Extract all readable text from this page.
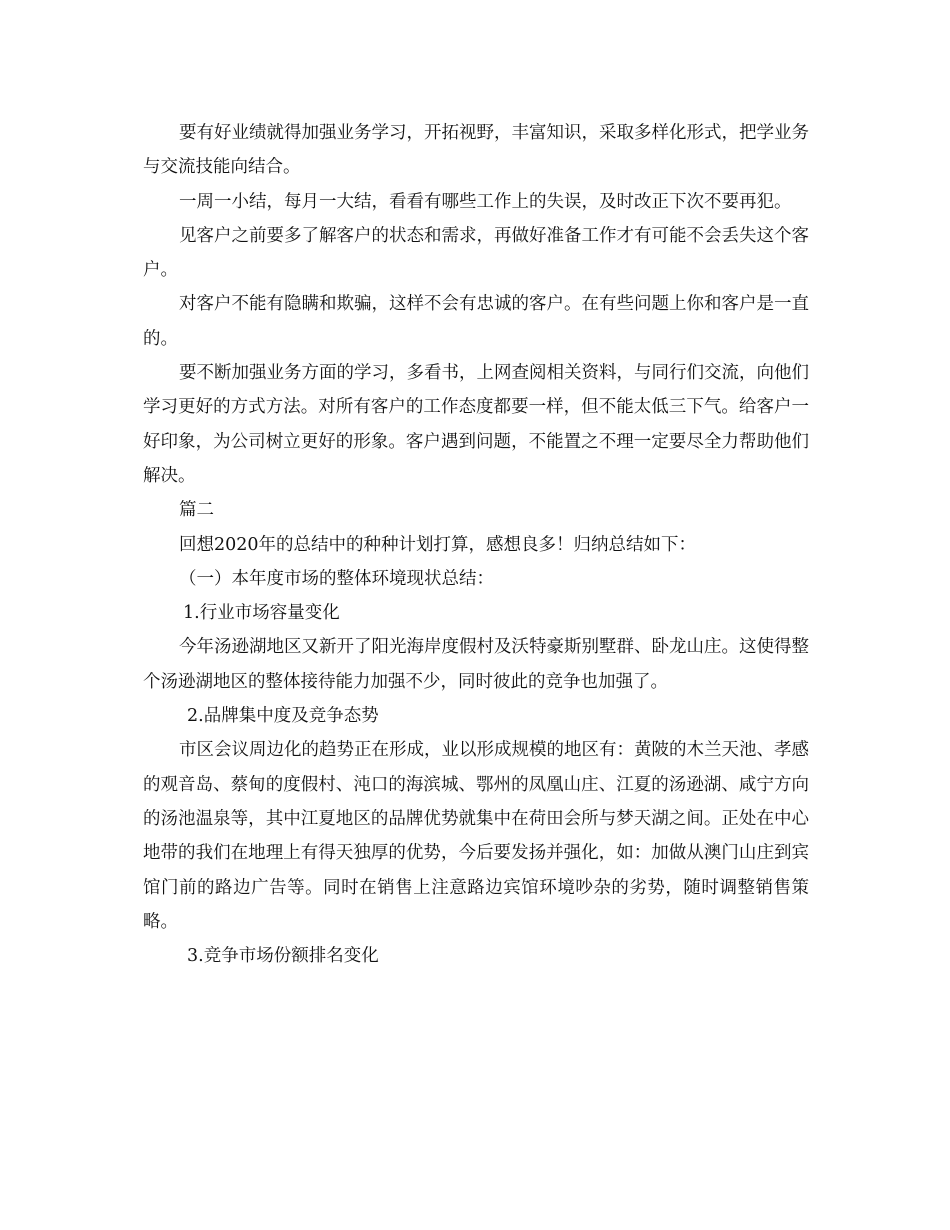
要有好业绩就得加强业务学习，开拓视野，丰富知识，采取多样化形式，把学业务与交流技能向结合。

一周一小结，每月一大结，看看有哪些工作上的失误，及时改正下次不要再犯。

见客户之前要多了解客户的状态和需求，再做好准备工作才有可能不会丢失这个客户。

对客户不能有隐瞒和欺骗，这样不会有忠诚的客户。在有些问题上你和客户是一直的。

要不断加强业务方面的学习，多看书，上网查阅相关资料，与同行们交流，向他们学习更好的方式方法。对所有客户的工作态度都要一样，但不能太低三下气。给客户一好印象，为公司树立更好的形象。客户遇到问题，不能置之不理一定要尽全力帮助他们解决。

篇二

回想2020年的总结中的种种计划打算，感想良多！归纳总结如下：

（一）本年度市场的整体环境现状总结：

1.行业市场容量变化

今年汤逊湖地区又新开了阳光海岸度假村及沃特豪斯别墅群、卧龙山庄。这使得整个汤逊湖地区的整体接待能力加强不少，同时彼此的竞争也加强了。

2.品牌集中度及竞争态势

市区会议周边化的趋势正在形成，业以形成规模的地区有：黄陂的木兰天池、孝感的观音岛、蔡甸的度假村、沌口的海滨城、鄂州的凤凰山庄、江夏的汤逊湖、咸宁方向的汤池温泉等，其中江夏地区的品牌优势就集中在荷田会所与梦天湖之间。正处在中心地带的我们在地理上有得天独厚的优势，今后要发扬并强化，如：加做从澳门山庄到宾馆门前的路边广告等。同时在销售上注意路边宾馆环境吵杂的劣势，随时调整销售策略。

3.竞争市场份额排名变化
